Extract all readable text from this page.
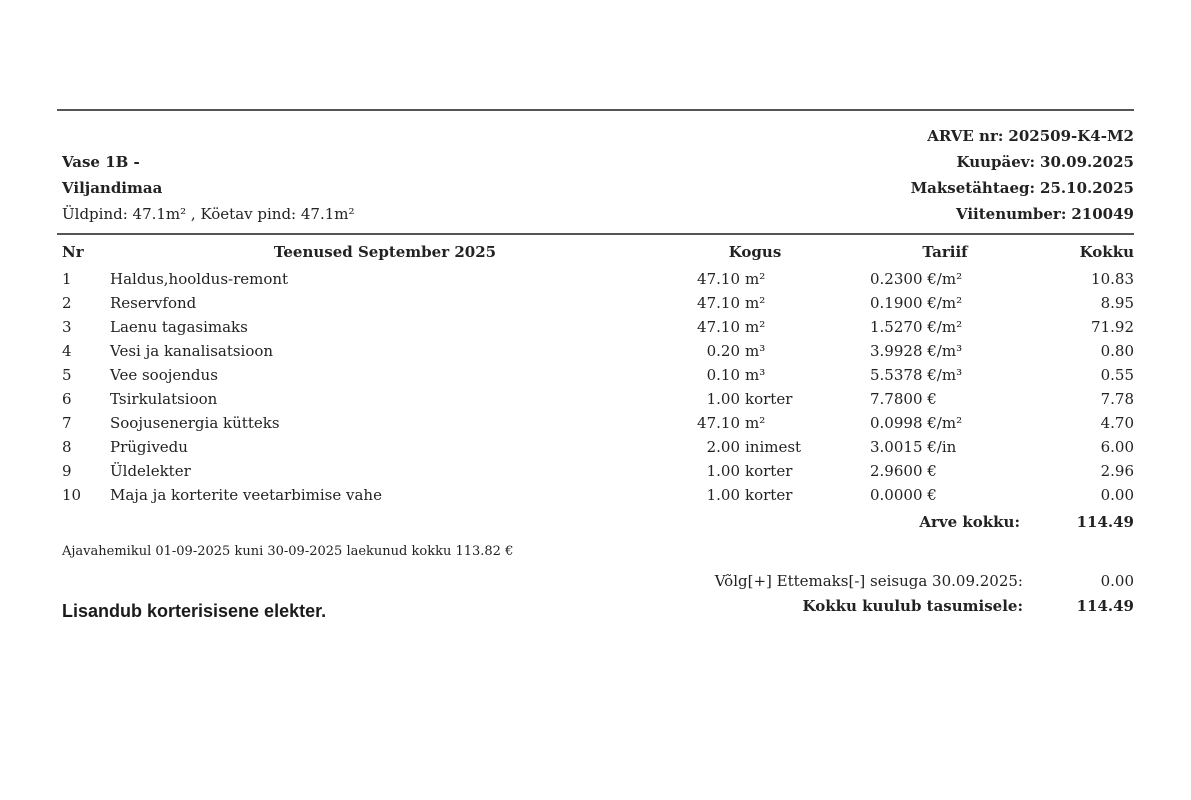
Vase 1B -
Viljandimaa
Üldpind: 47.1m² , Köetav pind: 47.1m²
ARVE nr: 202509-K4-M2
Kuupäev: 30.09.2025
Maksetähtaeg: 25.10.2025
Viitenumber: 210049
Nr	Teenused September 2025	Kogus	Tariif	Kokku
1	Haldus,hooldus-remont	47.10 m²	0.2300 €/m²	10.83
2	Reservfond	47.10 m²	0.1900 €/m²	8.95
3	Laenu tagasimaks	47.10 m²	1.5270 €/m²	71.92
4	Vesi ja kanalisatsioon	0.20 m³	3.9928 €/m³	0.80
5	Vee soojendus	0.10 m³	5.5378 €/m³	0.55
6	Tsirkulatsioon	1.00 korter	7.7800 €	7.78
7	Soojusenergia kütteks	47.10 m²	0.0998 €/m²	4.70
8	Prügivedu	2.00 inimest	3.0015 €/in	6.00
9	Üldelekter	1.00 korter	2.9600 €	2.96
10	Maja ja korterite veetarbimise vahe	1.00 korter	0.0000 €	0.00
Arve kokku:				114.49
Ajavahemikul 01-09-2025 kuni 30-09-2025 laekunud kokku 113.82 €
Võlg[+] Ettemaks[-] seisuga 30.09.2025:	0.00
Kokku kuulub tasumisele:	114.49
Lisandub korterisisene elekter.
